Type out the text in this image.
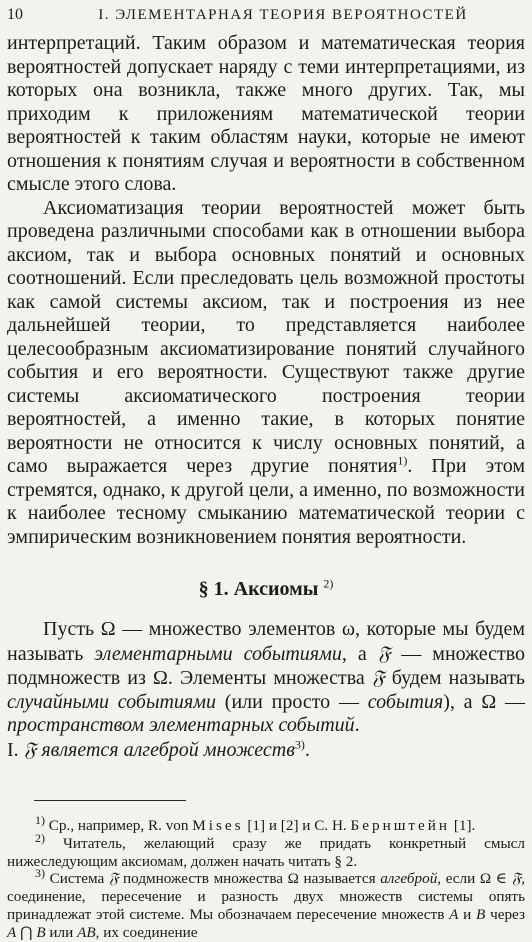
10	I. ЭЛЕМЕНТАРНАЯ ТЕОРИЯ ВЕРОЯТНОСТЕЙ

интерпретаций. Таким образом и математическая теория вероятностей допускает наряду с теми интерпретациями, из которых она возникла, также много других. Так, мы приходим к приложениям математической теории вероятностей к таким областям науки, которые не имеют отношения к понятиям случая и вероятности в собственном смысле этого слова.

Аксиоматизация теории вероятностей может быть проведена различными способами как в отношении выбора аксиом, так и выбора основных понятий и основных соотношений. Если преследовать цель возможной простоты как самой системы аксиом, так и построения из нее дальнейшей теории, то представляется наиболее целесообразным аксиоматизирование понятий случайного события и его вероятности. Существуют также другие системы аксиоматического построения теории вероятностей, а именно такие, в которых понятие вероятности не относится к числу основных понятий, а само выражается через другие понятия$^{1)}$. При этом стремятся, однако, к другой цели, а именно, по возможности к наиболее тесному смыканию математической теории с эмпирическим возникновением понятия вероятности.

§ 1. Аксиомы $^{2)}$

Пусть Ω — множество элементов ω, которые мы будем называть элементарными событиями, а 𝔉 — множество подмножеств из Ω. Элементы множества 𝔉 будем называть случайными событиями (или просто — события), а Ω — пространством элементарных событий.

I. 𝔉 является алгеброй множеств$^{3)}$.

$^{1)}$ Ср., например, R. von Mises [1] и [2] и С. Н. Бернштейн [1].

$^{2)}$ Читатель, желающий сразу же придать конкретный смысл нижеследующим аксиомам, должен начать читать § 2.

$^{3)}$ Система 𝔉 подмножеств множества Ω называется алгеброй, если Ω ∈ 𝔉, соединение, пересечение и разность двух множеств системы опять принадлежат этой системе. Мы обозначаем пересечение множеств A и B через A ⋂ B или AB, их соединение
